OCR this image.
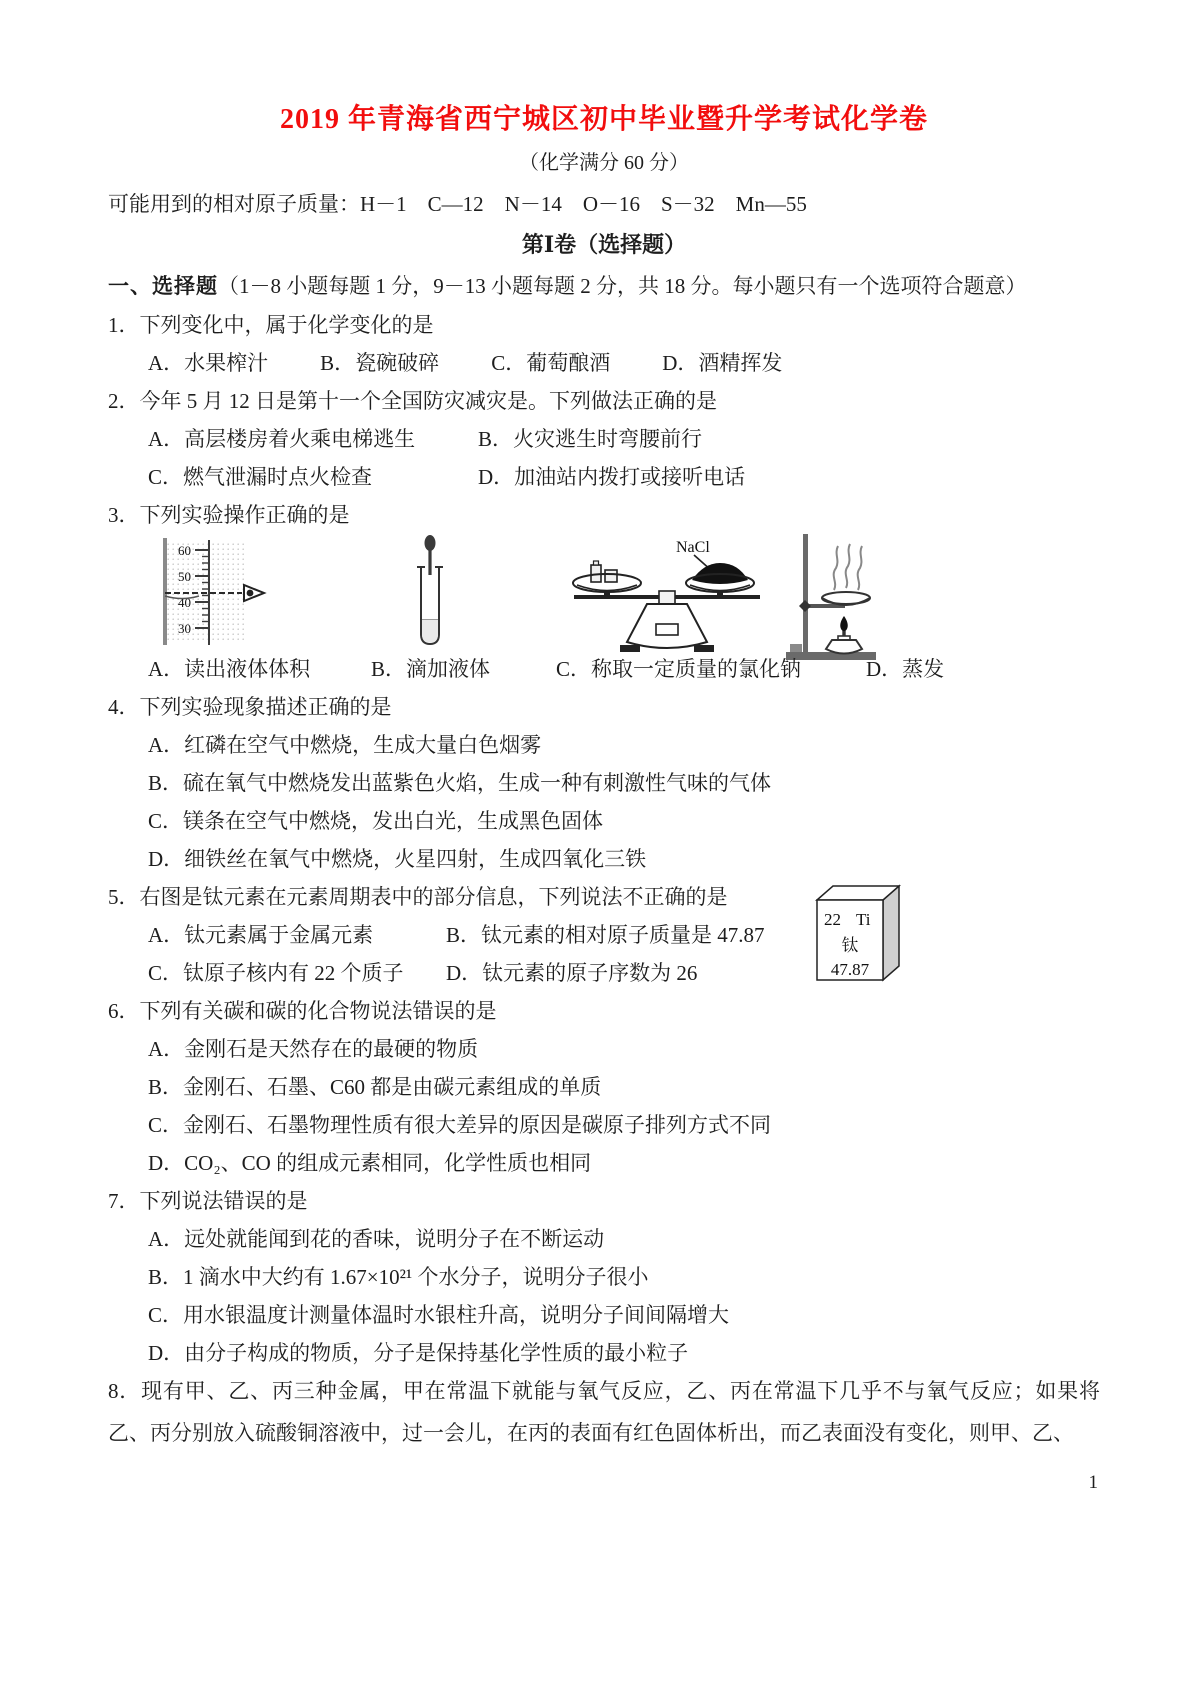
2019 年青海省西宁城区初中毕业暨升学考试化学卷
（化学满分 60 分）
可能用到的相对原子质量：H－1    C—12    N－14    O－16    S－32    Mn—55
第Ⅰ卷（选择题）
一、选择题（1－8 小题每题 1 分，9－13 小题每题 2 分，共 18 分。每小题只有一个选项符合题意）
1．下列变化中，属于化学变化的是
A．水果榨汁 B．瓷碗破碎 C．葡萄酿酒 D．酒精挥发
2．今年 5 月 12 日是第十一个全国防灾减灾是。下列做法正确的是
A．高层楼房着火乘电梯逃生	B．火灾逃生时弯腰前行
C．燃气泄漏时点火检查	D．加油站内拨打或接听电话
3．下列实验操作正确的是
60
50
40
30
NaCl
A．读出液体体积	B．滴加液体	C．称取一定质量的氯化钠	D．蒸发
4．下列实验现象描述正确的是
A．红磷在空气中燃烧，生成大量白色烟雾
B．硫在氧气中燃烧发出蓝紫色火焰，生成一种有刺激性气味的气体
C．镁条在空气中燃烧，发出白光，生成黑色固体
D．细铁丝在氧气中燃烧，火星四射，生成四氧化三铁
5．右图是钛元素在元素周期表中的部分信息，下列说法不正确的是
A．钛元素属于金属元素	B．钛元素的相对原子质量是 47.87
C．钛原子核内有 22 个质子	D．钛元素的原子序数为 26
22 Ti
钛
47.87
6．下列有关碳和碳的化合物说法错误的是
A．金刚石是天然存在的最硬的物质
B．金刚石、石墨、C60 都是由碳元素组成的单质
C．金刚石、石墨物理性质有很大差异的原因是碳原子排列方式不同
D．CO₂、CO 的组成元素相同，化学性质也相同
7．下列说法错误的是
A．远处就能闻到花的香味，说明分子在不断运动
B．1 滴水中大约有 1.67×10²¹ 个水分子，说明分子很小
C．用水银温度计测量体温时水银柱升高，说明分子间间隔增大
D．由分子构成的物质，分子是保持基化学性质的最小粒子
8．现有甲、乙、丙三种金属，甲在常温下就能与氧气反应，乙、丙在常温下几乎不与氧气反应；如果将
乙、丙分别放入硫酸铜溶液中，过一会儿，在丙的表面有红色固体析出，而乙表面没有变化，则甲、乙、
1
